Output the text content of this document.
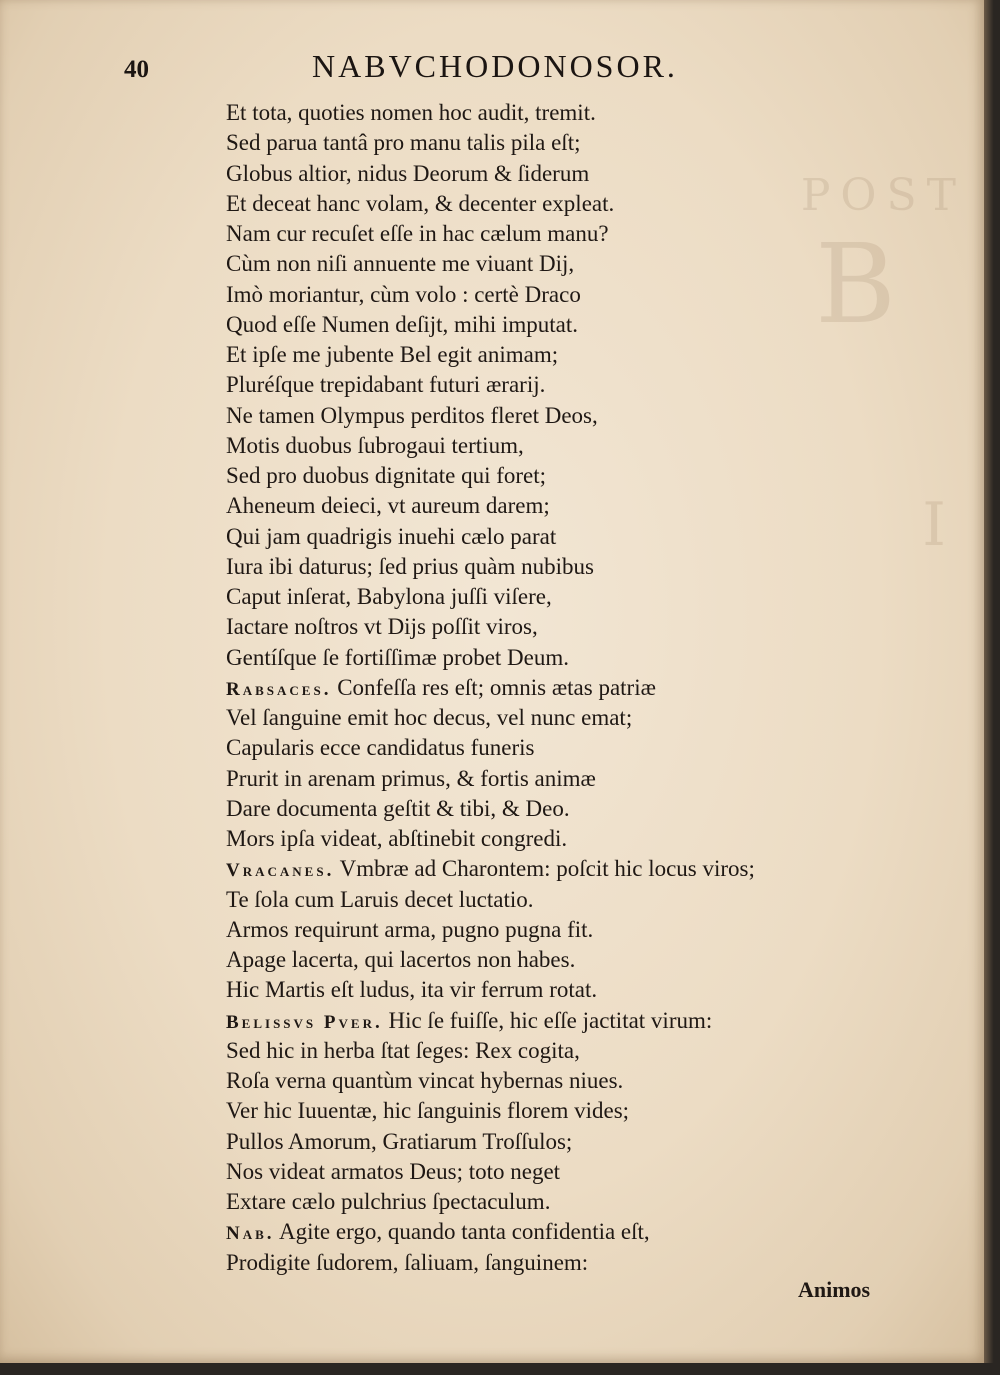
POST
B
I
40	NABVCHODONOSOR.
Et tota, quoties nomen hoc audit, tremit.
Sed parua tantâ pro manu talis pila eſt;
Globus altior, nidus Deorum & ſiderum
Et deceat hanc volam, & decenter expleat.
Nam cur recuſet eſſe in hac cælum manu?
Cùm non niſi annuente me viuant Dij,
Imò moriantur, cùm volo : certè Draco
Quod eſſe Numen deſijt, mihi imputat.
Et ipſe me jubente Bel egit animam;
Pluréſque trepidabant futuri ærarij.
Ne tamen Olympus perditos fleret Deos,
Motis duobus ſubrogaui tertium,
Sed pro duobus dignitate qui foret;
Aheneum deieci, vt aureum darem;
Qui jam quadrigis inuehi cælo parat
Iura ibi daturus; ſed prius quàm nubibus
Caput inſerat, Babylona juſſi viſere,
Iactare noſtros vt Dijs poſſit viros,
Gentíſque ſe fortiſſimæ probet Deum.
Rabsaces. Confeſſa res eſt; omnis ætas patriæ
Vel ſanguine emit hoc decus, vel nunc emat;
Capularis ecce candidatus funeris
Prurit in arenam primus, & fortis animæ
Dare documenta geſtit & tibi, & Deo.
Mors ipſa videat, abſtinebit congredi.
Vracanes. Vmbræ ad Charontem: poſcit hic locus viros;
Te ſola cum Laruis decet luctatio.
Armos requirunt arma, pugno pugna fit.
Apage lacerta, qui lacertos non habes.
Hic Martis eſt ludus, ita vir ferrum rotat.
Belissvs Pver. Hic ſe fuiſſe, hic eſſe jactitat virum:
Sed hic in herba ſtat ſeges: Rex cogita,
Roſa verna quantùm vincat hybernas niues.
Ver hic Iuuentæ, hic ſanguinis florem vides;
Pullos Amorum, Gratiarum Troſſulos;
Nos videat armatos Deus; toto neget
Extare cælo pulchrius ſpectaculum.
Nab. Agite ergo, quando tanta confidentia eſt,
Prodigite ſudorem, ſaliuam, ſanguinem:
Animos
